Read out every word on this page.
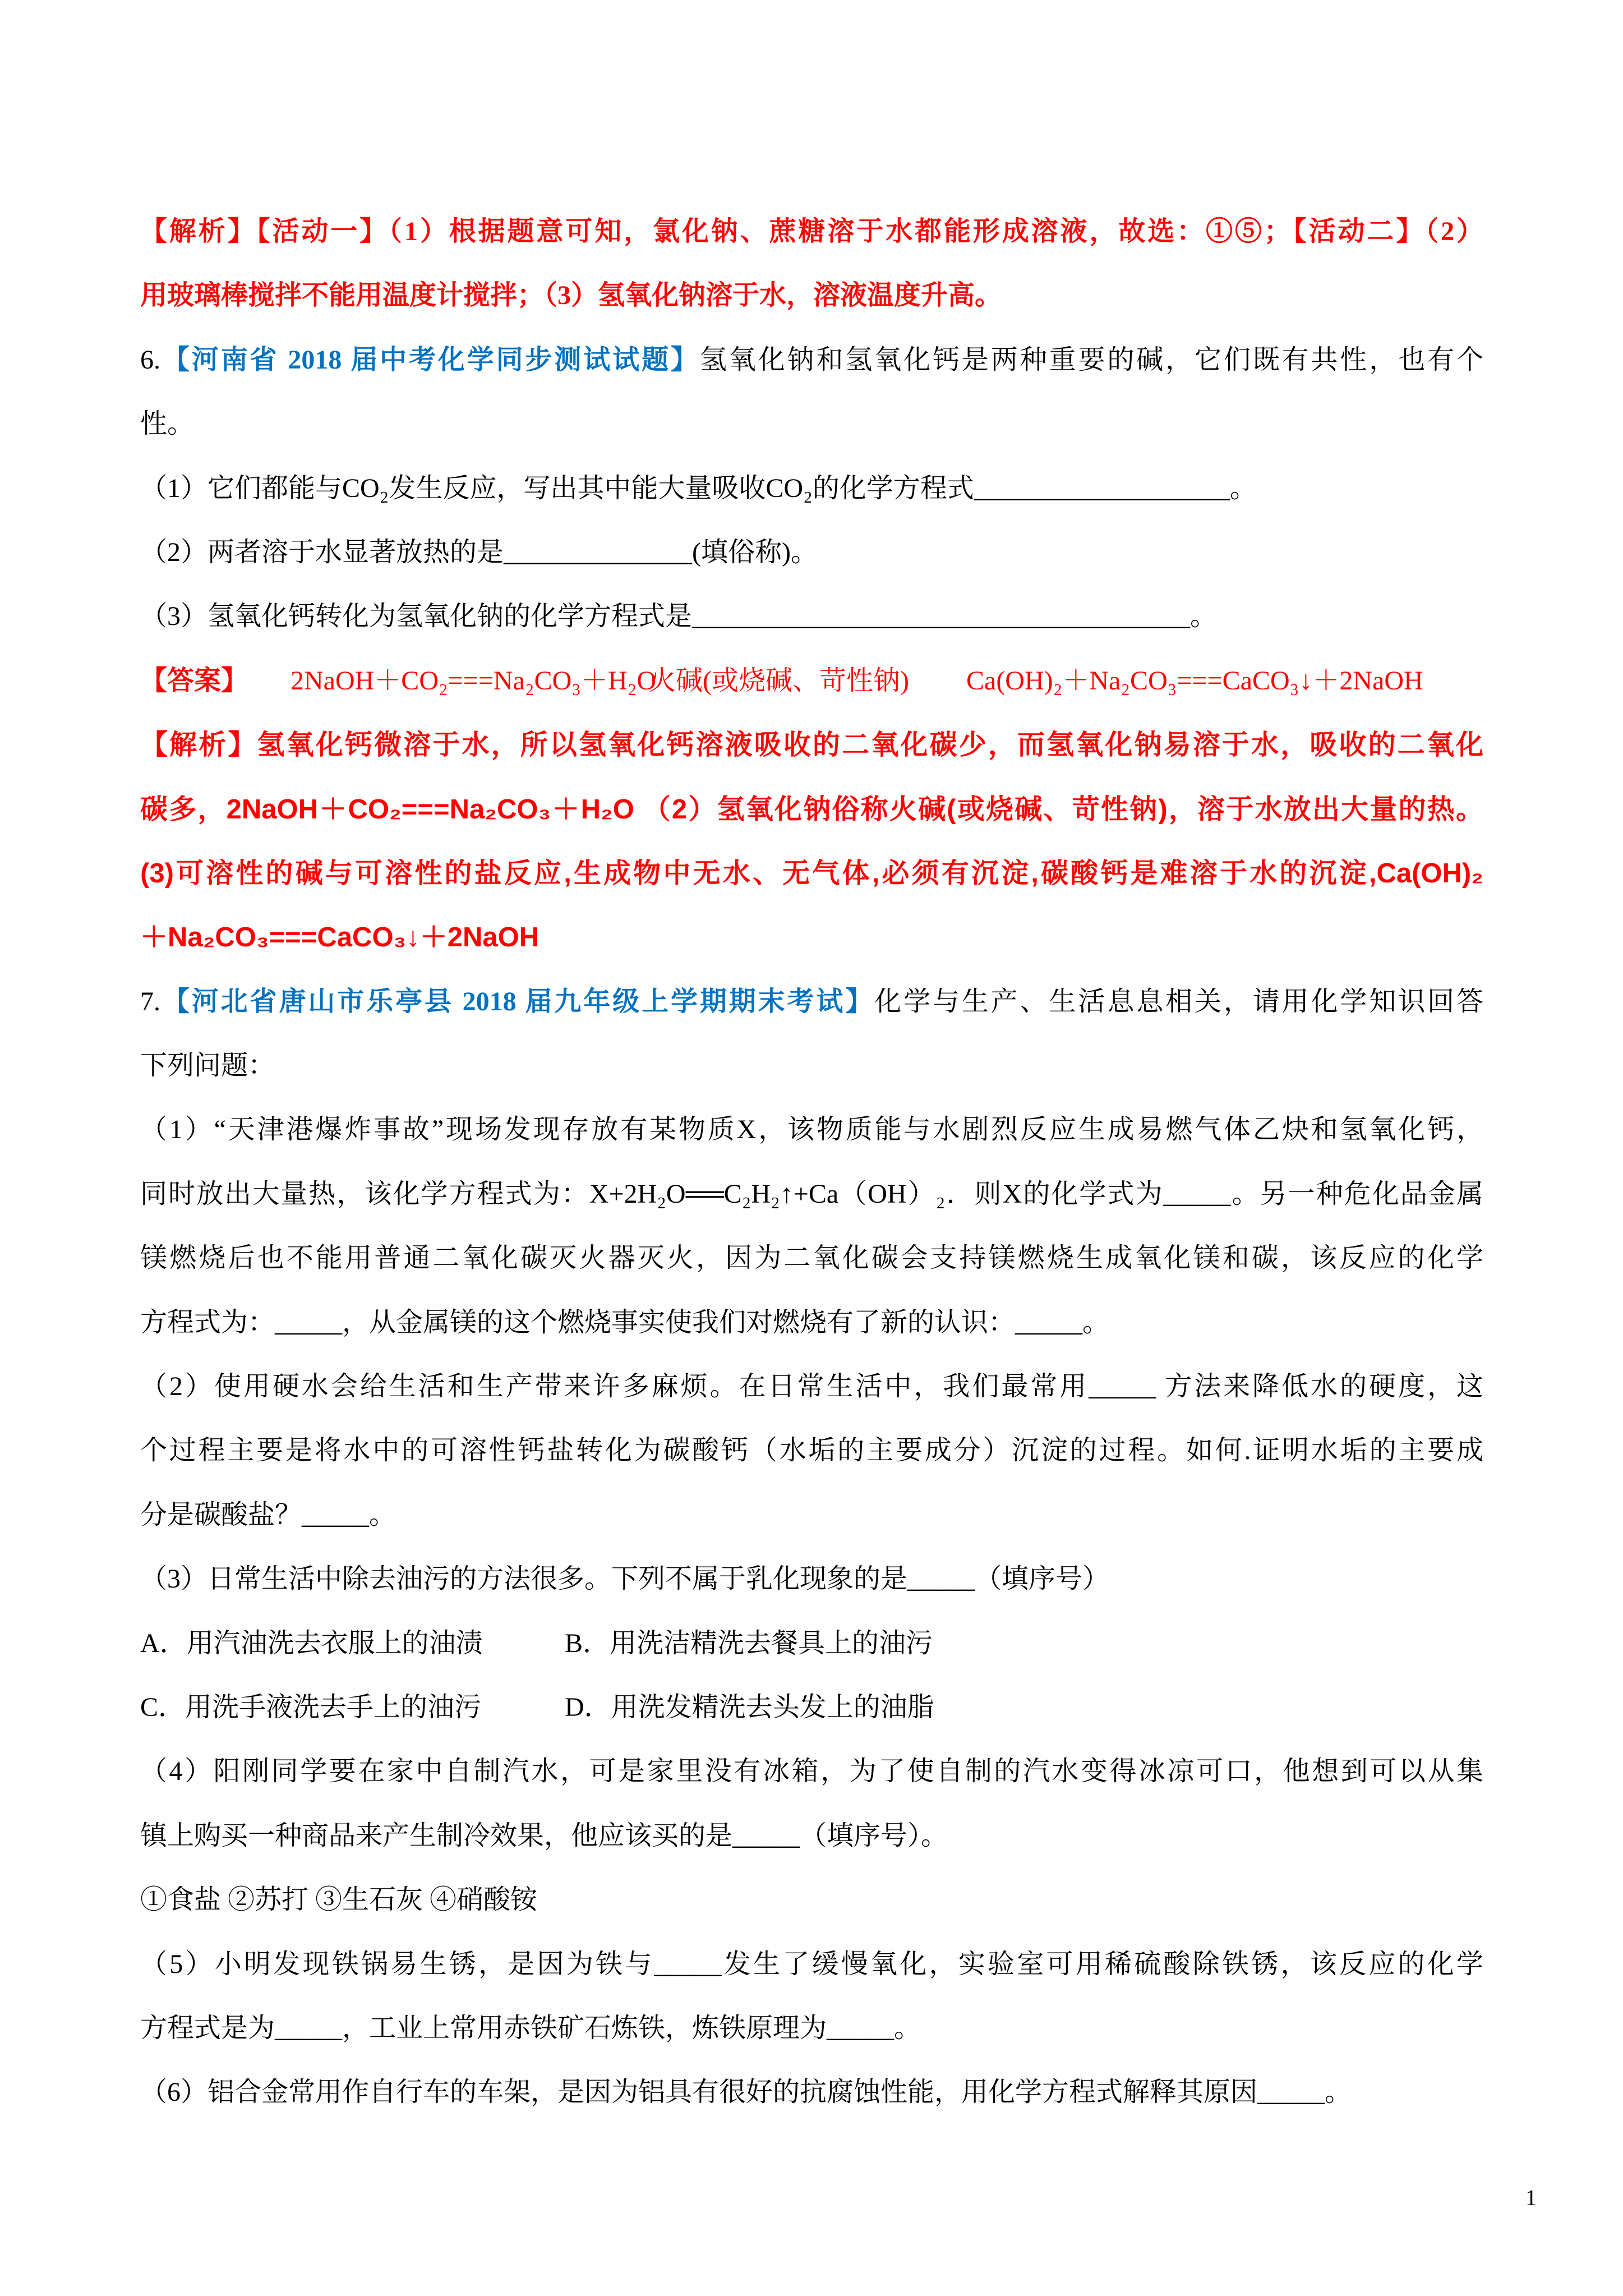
【解析】【活动一】（1）根据题意可知，氯化钠、蔗糖溶于水都能形成溶液，故选：①⑤；【活动二】（2）
用玻璃棒搅拌不能用温度计搅拌；（3）氢氧化钠溶于水，溶液温度升高。
6.【河南省 2018 届中考化学同步测试试题】氢氧化钠和氢氧化钙是两种重要的碱，它们既有共性，也有个
性。
（1）它们都能与CO₂发生反应，写出其中能大量吸收CO₂的化学方程式___________________。
（2）两者溶于水显著放热的是______________(填俗称)。
（3）氢氧化钙转化为氢氧化钠的化学方程式是_____________________________________。
【答案】 2NaOH＋CO₂===Na₂CO₃＋H₂O
火碱(或烧碱、苛性钠) Ca(OH)₂＋Na₂CO₃===CaCO₃↓＋2NaOH
【解析】氢氧化钙微溶于水，所以氢氧化钙溶液吸收的二氧化碳少，而氢氧化钠易溶于水，吸收的二氧化
碳多，2NaOH＋CO₂===Na₂CO₃＋H₂O （2）氢氧化钠俗称火碱(或烧碱、苛性钠)，溶于水放出大量的热。
(3)可溶性的碱与可溶性的盐反应,生成物中无水、无气体,必须有沉淀,碳酸钙是难溶于水的沉淀,Ca(OH)₂
＋Na₂CO₃===CaCO₃↓＋2NaOH
7.【河北省唐山市乐亭县 2018 届九年级上学期期末考试】化学与生产、生活息息相关，请用化学知识回答
下列问题：
（1）“天津港爆炸事故”现场发现存放有某物质X，该物质能与水剧烈反应生成易燃气体乙炔和氢氧化钙，
同时放出大量热，该化学方程式为：X+2H₂O══C₂H₂↑+Ca（OH）₂．则X的化学式为_____。另一种危化品金属
镁燃烧后也不能用普通二氧化碳灭火器灭火，因为二氧化碳会支持镁燃烧生成氧化镁和碳，该反应的化学
方程式为：_____，从金属镁的这个燃烧事实使我们对燃烧有了新的认识：_____。
（2）使用硬水会给生活和生产带来许多麻烦。在日常生活中，我们最常用_____ 方法来降低水的硬度，这
个过程主要是将水中的可溶性钙盐转化为碳酸钙（水垢的主要成分）沉淀的过程。如何.证明水垢的主要成
分是碳酸盐？_____。
（3）日常生活中除去油污的方法很多。下列不属于乳化现象的是_____（填序号）
A．用汽油洗去衣服上的油渍	B．用洗洁精洗去餐具上的油污
C．用洗手液洗去手上的油污	D．用洗发精洗去头发上的油脂
（4）阳刚同学要在家中自制汽水，可是家里没有冰箱，为了使自制的汽水变得冰凉可口，他想到可以从集
镇上购买一种商品来产生制冷效果，他应该买的是_____（填序号）。
①食盐 ②苏打 ③生石灰 ④硝酸铵
（5）小明发现铁锅易生锈，是因为铁与_____发生了缓慢氧化，实验室可用稀硫酸除铁锈，该反应的化学
方程式是为_____，工业上常用赤铁矿石炼铁，炼铁原理为_____。
（6）铝合金常用作自行车的车架，是因为铝具有很好的抗腐蚀性能，用化学方程式解释其原因_____。
1
